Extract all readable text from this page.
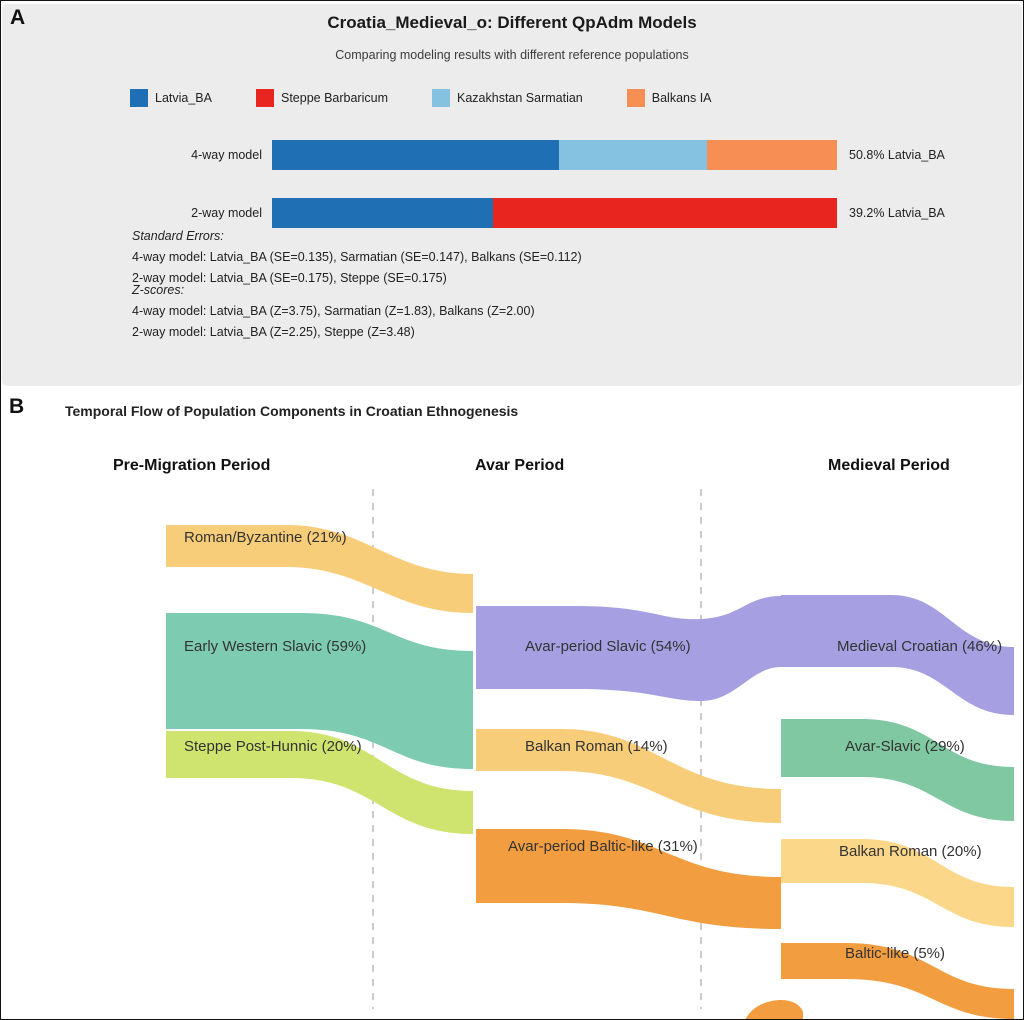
A	Croatia_Medieval_o: Different QpAdm Models
Comparing modeling results with different reference populations
Latvia_BA	Steppe Barbaricum	Kazakhstan Sarmatian	Balkans IA
4-way model	50.8% Latvia_BA
2-way model	39.2% Latvia_BA
Standard Errors:
4-way model: Latvia_BA (SE=0.135), Sarmatian (SE=0.147), Balkans (SE=0.112)
2-way model: Latvia_BA (SE=0.175), Steppe (SE=0.175)
Z-scores:
4-way model: Latvia_BA (Z=3.75), Sarmatian (Z=1.83), Balkans (Z=2.00)
2-way model: Latvia_BA (Z=2.25), Steppe (Z=3.48)
B	Temporal Flow of Population Components in Croatian Ethnogenesis
Pre-Migration Period	Avar Period	Medieval Period
Roman/Byzantine (21%)
Early Western Slavic (59%)
Steppe Post-Hunnic (20%)
Avar-period Slavic (54%)
Balkan Roman (14%)
Avar-period Baltic-like (31%)
Medieval Croatian (46%)
Avar-Slavic (29%)
Balkan Roman (20%)
Baltic-like (5%)
